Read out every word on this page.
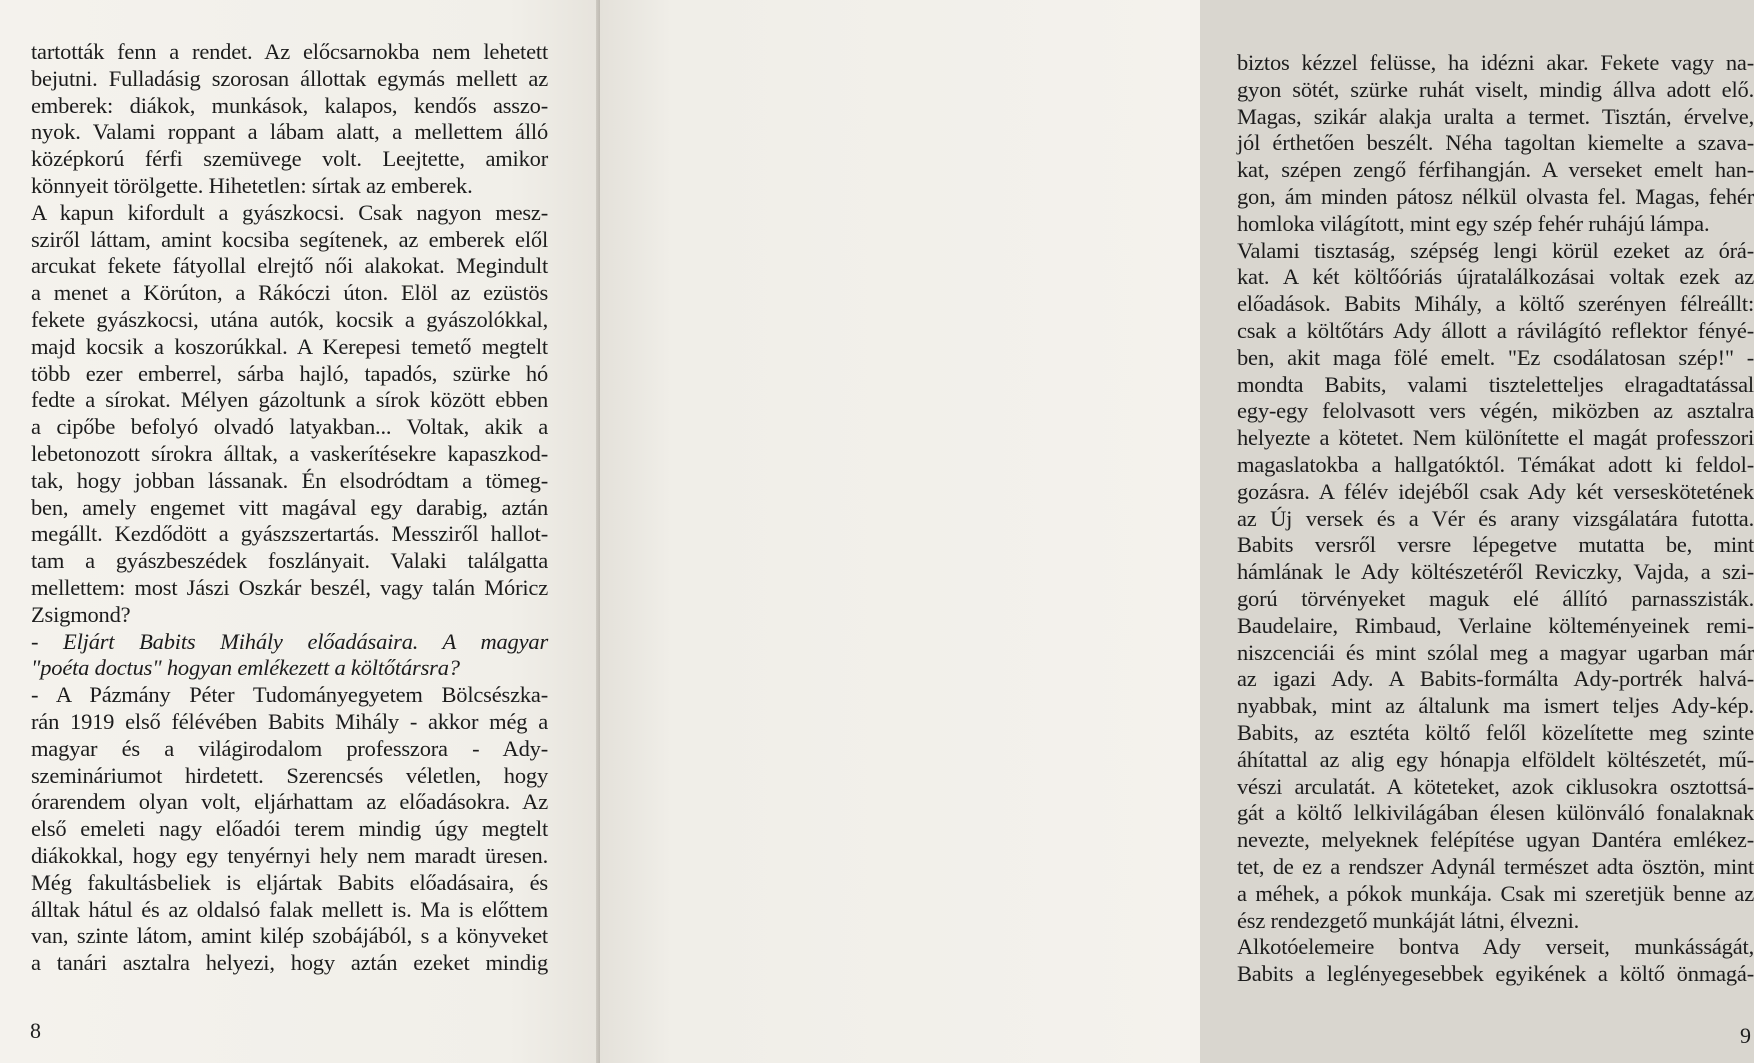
tartották fenn a rendet. Az előcsarnokba nem lehetett
bejutni. Fulladásig szorosan állottak egymás mellett az
emberek: diákok, munkások, kalapos, kendős asszo-
nyok. Valami roppant a lábam alatt, a mellettem álló
középkorú férfi szemüvege volt. Leejtette, amikor
könnyeit törölgette. Hihetetlen: sírtak az emberek.
A kapun kifordult a gyászkocsi. Csak nagyon mesz-
sziről láttam, amint kocsiba segítenek, az emberek elől
arcukat fekete fátyollal elrejtő női alakokat. Megindult
a menet a Körúton, a Rákóczi úton. Elöl az ezüstös
fekete gyászkocsi, utána autók, kocsik a gyászolókkal,
majd kocsik a koszorúkkal. A Kerepesi temető megtelt
több ezer emberrel, sárba hajló, tapadós, szürke hó
fedte a sírokat. Mélyen gázoltunk a sírok között ebben
a cipőbe befolyó olvadó latyakban... Voltak, akik a
lebetonozott sírokra álltak, a vaskerítésekre kapaszkod-
tak, hogy jobban lássanak. Én elsodródtam a tömeg-
ben, amely engemet vitt magával egy darabig, aztán
megállt. Kezdődött a gyászszertartás. Messziről hallot-
tam a gyászbeszédek foszlányait. Valaki találgatta
mellettem: most Jászi Oszkár beszél, vagy talán Móricz
Zsigmond?
- Eljárt Babits Mihály előadásaira. A magyar
"poéta doctus" hogyan emlékezett a költőtársra?
- A Pázmány Péter Tudományegyetem Bölcsészka-
rán 1919 első félévében Babits Mihály - akkor még a
magyar és a világirodalom professzora - Ady-
szemináriumot hirdetett. Szerencsés véletlen, hogy
órarendem olyan volt, eljárhattam az előadásokra. Az
első emeleti nagy előadói terem mindig úgy megtelt
diákokkal, hogy egy tenyérnyi hely nem maradt üresen.
Még fakultásbeliek is eljártak Babits előadásaira, és
álltak hátul és az oldalsó falak mellett is. Ma is előttem
van, szinte látom, amint kilép szobájából, s a könyveket
a tanári asztalra helyezi, hogy aztán ezeket mindig
8
biztos kézzel felüsse, ha idézni akar. Fekete vagy na-
gyon sötét, szürke ruhát viselt, mindig állva adott elő.
Magas, szikár alakja uralta a termet. Tisztán, érvelve,
jól érthetően beszélt. Néha tagoltan kiemelte a szava-
kat, szépen zengő férfihangján. A verseket emelt han-
gon, ám minden pátosz nélkül olvasta fel. Magas, fehér
homloka világított, mint egy szép fehér ruhájú lámpa.
Valami tisztaság, szépség lengi körül ezeket az órá-
kat. A két költőóriás újratalálkozásai voltak ezek az
előadások. Babits Mihály, a költő szerényen félreállt:
csak a költőtárs Ady állott a rávilágító reflektor fényé-
ben, akit maga fölé emelt. "Ez csodálatosan szép!" -
mondta Babits, valami tiszteletteljes elragadtatással
egy-egy felolvasott vers végén, miközben az asztalra
helyezte a kötetet. Nem különítette el magát professzori
magaslatokba a hallgatóktól. Témákat adott ki feldol-
gozásra. A félév idejéből csak Ady két verseskötetének
az Új versek és a Vér és arany vizsgálatára futotta.
Babits versről versre lépegetve mutatta be, mint
hámlának le Ady költészetéről Reviczky, Vajda, a szi-
gorú törvényeket maguk elé állító parnasszisták.
Baudelaire, Rimbaud, Verlaine költeményeinek remi-
niszcenciái és mint szólal meg a magyar ugarban már
az igazi Ady. A Babits-formálta Ady-portrék halvá-
nyabbak, mint az általunk ma ismert teljes Ady-kép.
Babits, az esztéta költő felől közelítette meg szinte
áhítattal az alig egy hónapja elföldelt költészetét, mű-
vészi arculatát. A köteteket, azok ciklusokra osztottsá-
gát a költő lelkivilágában élesen különváló fonalaknak
nevezte, melyeknek felépítése ugyan Dantéra emlékez-
tet, de ez a rendszer Adynál természet adta ösztön, mint
a méhek, a pókok munkája. Csak mi szeretjük benne az
ész rendezgető munkáját látni, élvezni.
Alkotóelemeire bontva Ady verseit, munkásságát,
Babits a leglényegesebbek egyikének a költő önmagá-
9
